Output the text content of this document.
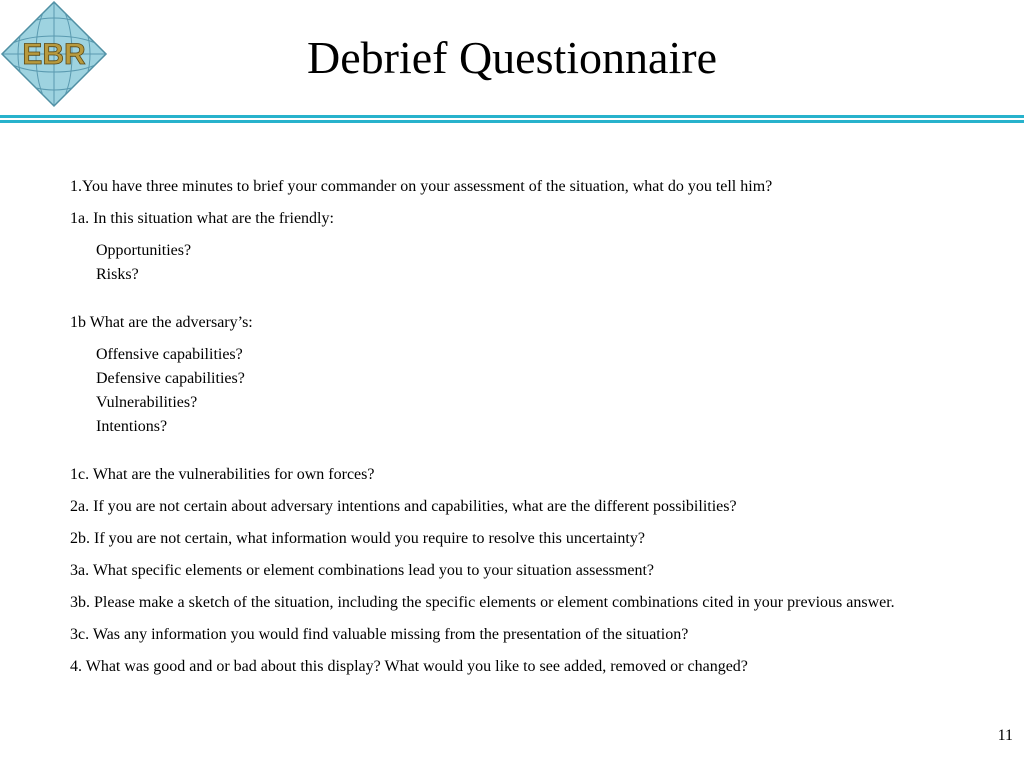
EBR	Debrief Questionnaire

1.You have three minutes to brief your commander on your assessment of the situation, what do you tell him?

1a. In this situation what are the friendly:

Opportunities?

Risks?

1b What are the adversary’s:

Offensive capabilities?

Defensive capabilities?

Vulnerabilities?

Intentions?

1c. What are the vulnerabilities for own forces?

2a. If you are not certain about adversary intentions and capabilities, what are the different possibilities?

2b. If you are not certain, what information would you require to resolve this uncertainty?

3a. What specific elements or element combinations lead you to your situation assessment?

3b. Please make a sketch of the situation, including the specific elements or element combinations cited in your previous answer.

3c. Was any information you would find valuable missing from the presentation of the situation?

4. What was good and or bad about this display? What would you like to see added, removed or changed?

11
